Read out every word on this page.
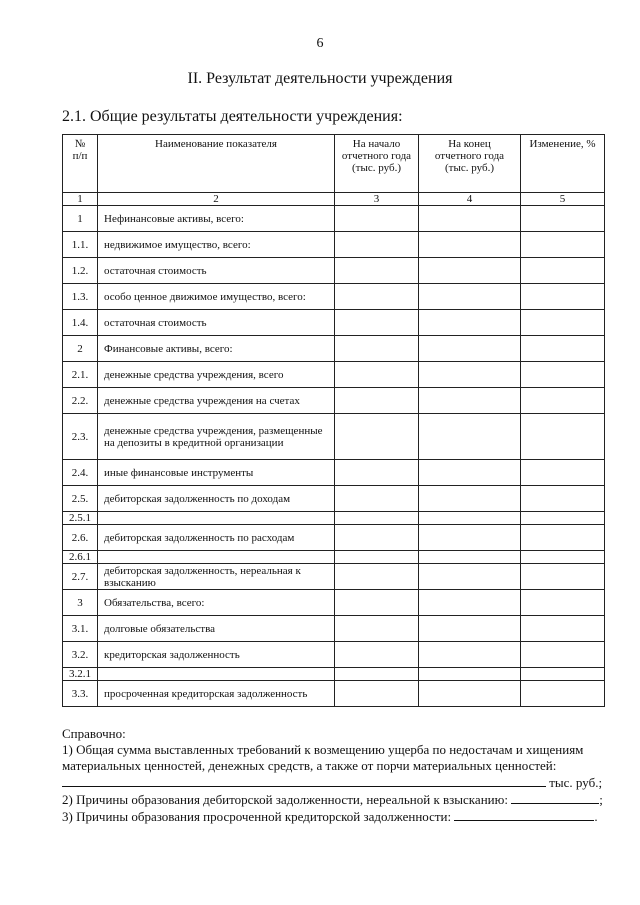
6
II. Результат деятельности учреждения
2.1. Общие результаты деятельности учреждения:
№ п/п	Наименование показателя	На начало отчетного года (тыс. руб.)	На конец отчетного года (тыс. руб.)	Изменение, %
1	2	3	4	5
1	Нефинансовые активы, всего:			
1.1.	недвижимое имущество, всего:			
1.2.	остаточная стоимость			
1.3.	особо ценное движимое имущество, всего:			
1.4.	остаточная стоимость			
2	Финансовые активы, всего:			
2.1.	денежные средства учреждения, всего			
2.2.	денежные средства учреждения на счетах			
2.3.	денежные средства учреждения, размещенные на депозиты в кредитной организации			
2.4.	иные финансовые инструменты			
2.5.	дебиторская задолженность по доходам			
2.5.1				
2.6.	дебиторская задолженность по расходам			
2.6.1				
2.7.	дебиторская задолженность, нереальная к взысканию			
3	Обязательства, всего:			
3.1.	долговые обязательства			
3.2.	кредиторская задолженность			
3.2.1				
3.3.	просроченная кредиторская задолженность			
Справочно:
1) Общая сумма выставленных требований к возмещению ущерба по недостачам и хищениям
материальных ценностей, денежных средств, а также от порчи материальных ценностей:
тыс. руб.;
2) Причины образования дебиторской задолженности, нереальной к взысканию:	;
3) Причины образования просроченной кредиторской задолженности:	.
